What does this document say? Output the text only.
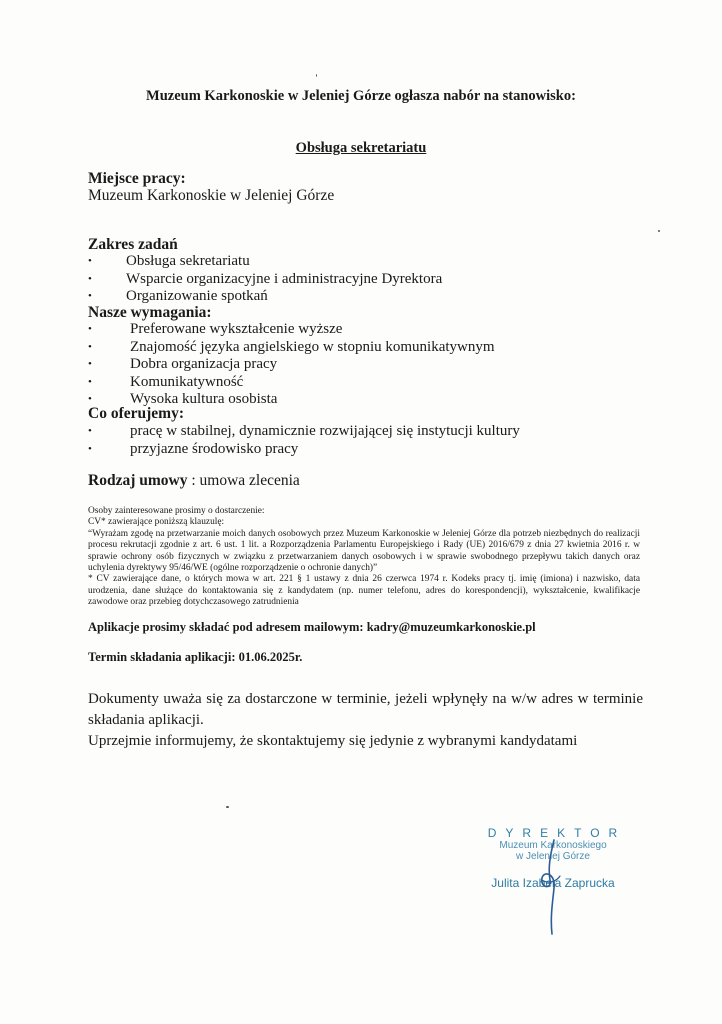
Muzeum Karkonoskie w Jeleniej Górze ogłasza nabór na stanowisko:
Obsługa sekretariatu
Miejsce pracy:
Muzeum Karkonoskie w Jeleniej Górze
Zakres zadań
• Obsługa sekretariatu
• Wsparcie organizacyjne i administracyjne Dyrektora
• Organizowanie spotkań
Nasze wymagania:
•	Preferowane wykształcenie wyższe
•	Znajomość języka angielskiego w stopniu komunikatywnym
•	Dobra organizacja pracy
•	Komunikatywność
•	Wysoka kultura osobista
Co oferujemy:
•	pracę w stabilnej, dynamicznie rozwijającej się instytucji kultury
•	przyjazne środowisko pracy
Rodzaj umowy : umowa zlecenia

Osoby zainteresowane prosimy o dostarczenie:

CV* zawierające poniższą klauzulę:

“Wyrażam zgodę na przetwarzanie moich danych osobowych przez Muzeum Karkonoskie w Jeleniej Górze dla potrzeb niezbędnych do realizacji procesu rekrutacji zgodnie z art. 6 ust. 1 lit. a Rozporządzenia Parlamentu Europejskiego i Rady (UE) 2016/679 z dnia 27 kwietnia 2016 r. w sprawie ochrony osób fizycznych w związku z przetwarzaniem danych osobowych i w sprawie swobodnego przepływu takich danych oraz uchylenia dyrektywy 95/46/WE (ogólne rozporządzenie o ochronie danych)”

* CV zawierające dane, o których mowa w art. 221 § 1 ustawy z dnia 26 czerwca 1974 r. Kodeks pracy tj. imię (imiona) i nazwisko, data urodzenia, dane służące do kontaktowania się z kandydatem (np. numer telefonu, adres do korespondencji), wykształcenie, kwalifikacje zawodowe oraz przebieg dotychczasowego zatrudnienia

Aplikacje prosimy składać pod adresem mailowym: kadry@muzeumkarkonoskie.pl
Termin składania aplikacji: 01.06.2025r.

Dokumenty uważa się za dostarczone w terminie, jeżeli wpłynęły na w/w adres w terminie składania aplikacji.

Uprzejmie informujemy, że skontaktujemy się jedynie z wybranymi kandydatami

DYREKTOR
Muzeum Karkonoskiego
w Jeleniej Górze
Julita Izabela Zaprucka
